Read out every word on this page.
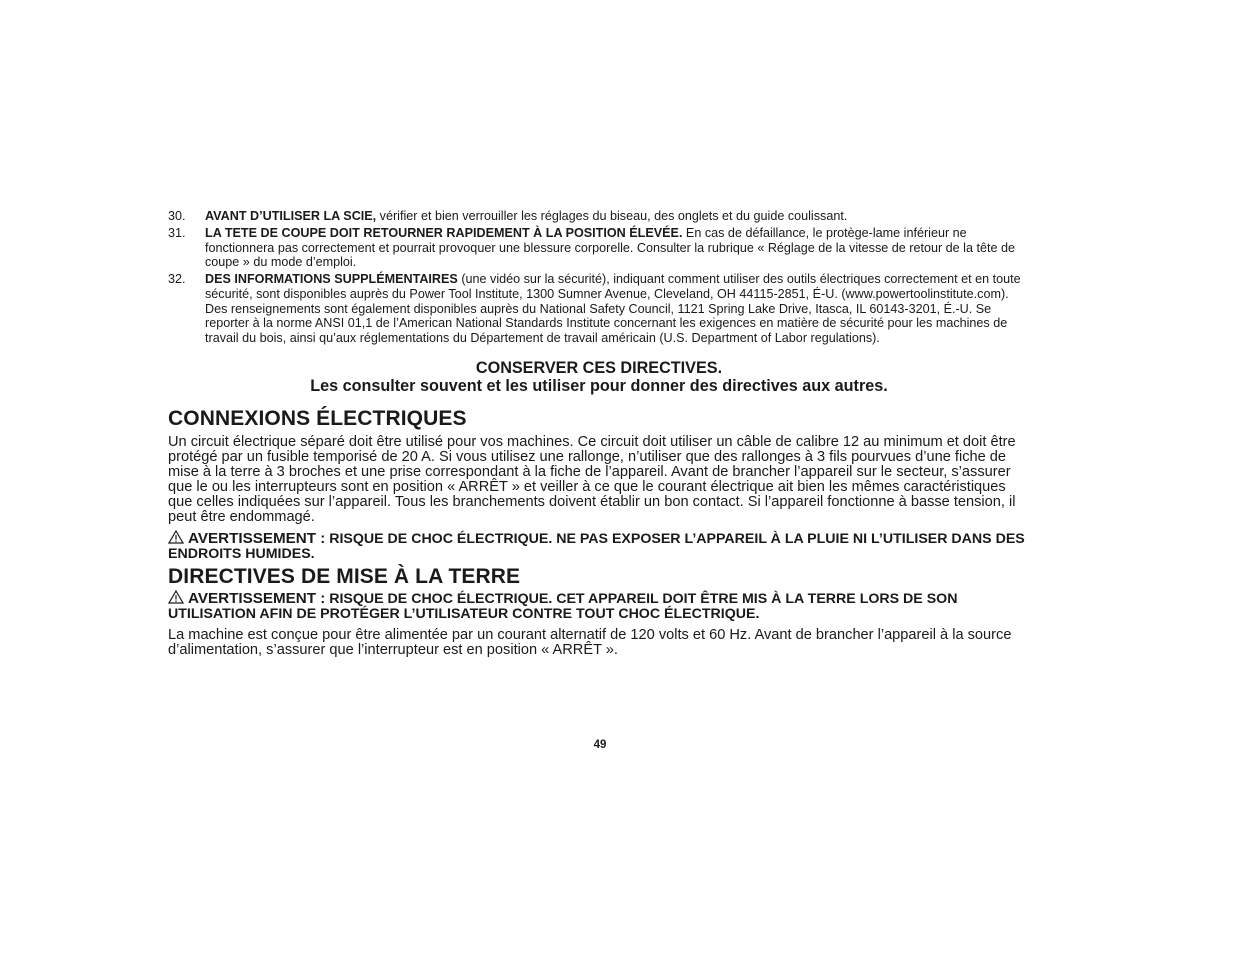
30. AVANT D’UTILISER LA SCIE, vérifier et bien verrouiller les réglages du biseau, des onglets et du guide coulissant.
31. LA TETE DE COUPE DOIT RETOURNER RAPIDEMENT À LA POSITION ÉLEVÉE. En cas de défaillance, le protège-lame inférieur ne fonctionnera pas correctement et pourrait provoquer une blessure corporelle. Consulter la rubrique « Réglage de la vitesse de retour de la tête de coupe » du mode d’emploi.
32. DES INFORMATIONS SUPPLÉMENTAIRES (une vidéo sur la sécurité), indiquant comment utiliser des outils électriques correctement et en toute sécurité, sont disponibles auprès du Power Tool Institute, 1300 Sumner Avenue, Cleveland, OH 44115-2851, É-U. (www.powertoolinstitute.com). Des renseignements sont également disponibles auprès du National Safety Council, 1121 Spring Lake Drive, Itasca, IL 60143-3201, É.-U. Se reporter à la norme ANSI 01,1 de l’American National Standards Institute concernant les exigences en matière de sécurité pour les machines de travail du bois, ainsi qu’aux réglementations du Département de travail américain (U.S. Department of Labor regulations).
CONSERVER CES DIRECTIVES.
Les consulter souvent et les utiliser pour donner des directives aux autres.
CONNEXIONS ÉLECTRIQUES
Un circuit électrique séparé doit être utilisé pour vos machines. Ce circuit doit utiliser un câble de calibre 12 au minimum et doit être protégé par un fusible temporisé de 20 A. Si vous utilisez une rallonge, n’utiliser que des rallonges à 3 fils pourvues d’une fiche de mise à la terre à 3 broches et une prise correspondant à la fiche de l’appareil. Avant de brancher l’appareil sur le secteur, s’assurer que le ou les interrupteurs sont en position « ARRÊT » et veiller à ce que le courant électrique ait bien les mêmes caractéristiques que celles indiquées sur l’appareil. Tous les branchements doivent établir un bon contact. Si l’appareil fonctionne à basse tension, il peut être endommagé.
AVERTISSEMENT : RISQUE DE CHOC ÉLECTRIQUE. NE PAS EXPOSER L’APPAREIL À LA PLUIE NI L’UTILISER DANS DES ENDROITS HUMIDES.
DIRECTIVES DE MISE À LA TERRE
AVERTISSEMENT : RISQUE DE CHOC ÉLECTRIQUE. CET APPAREIL DOIT ÊTRE MIS À LA TERRE LORS DE SON UTILISATION AFIN DE PROTÉGER L’UTILISATEUR CONTRE TOUT CHOC ÉLECTRIQUE.
La machine est conçue pour être alimentée par un courant alternatif de 120 volts et 60 Hz. Avant de brancher l’appareil à la source d’alimentation, s’assurer que l’interrupteur est en position « ARRÊT ».
49
